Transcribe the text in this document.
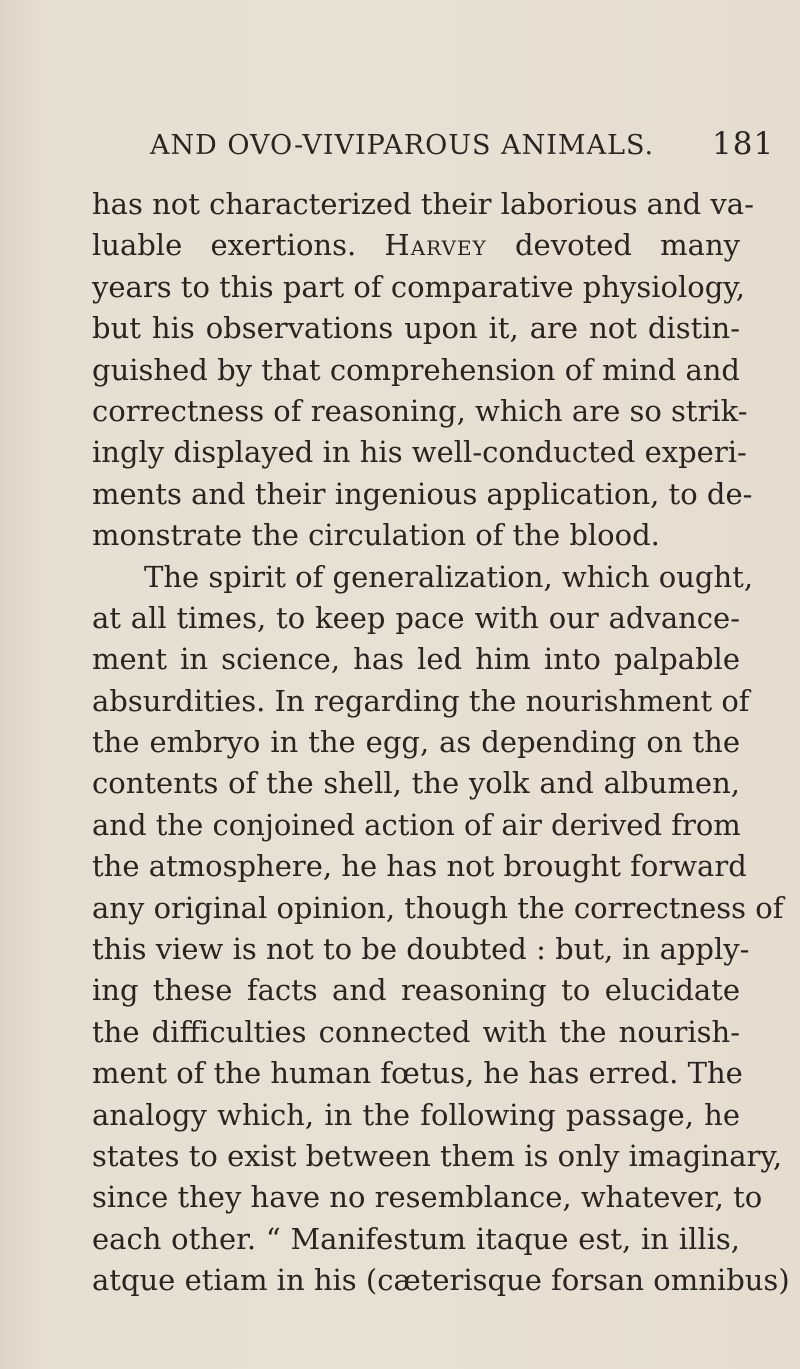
AND OVO-VIVIPAROUS ANIMALS. 181
has not characterized their laborious and va-
luable exertions. Harvey devoted many
years to this part of comparative physiology,
but his observations upon it, are not distin-
guished by that comprehension of mind and
correctness of reasoning, which are so strik-
ingly displayed in his well-conducted experi-
ments and their ingenious application, to de-
monstrate the circulation of the blood.
The spirit of generalization, which ought,
at all times, to keep pace with our advance-
ment in science, has led him into palpable
absurdities. In regarding the nourishment of
the embryo in the egg, as depending on the
contents of the shell, the yolk and albumen,
and the conjoined action of air derived from
the atmosphere, he has not brought forward
any original opinion, though the correctness of
this view is not to be doubted : but, in apply-
ing these facts and reasoning to elucidate
the difficulties connected with the nourish-
ment of the human fœtus, he has erred. The
analogy which, in the following passage, he
states to exist between them is only imaginary,
since they have no resemblance, whatever, to
each other. “ Manifestum itaque est, in illis,
atque etiam in his (cæterisque forsan omnibus)
